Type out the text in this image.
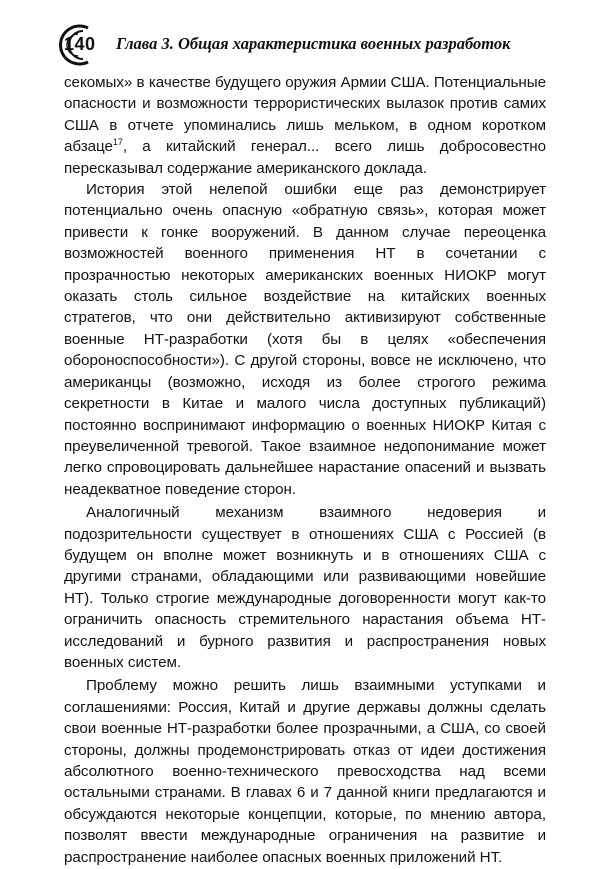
140 Глава 3. Общая характеристика военных разработок

секомых» в качестве будущего оружия Армии США. Потенциальные опасности и возможности террористических вылазок против самих США в отчете упоминались лишь мельком, в одном коротком абзаце$^{17}$, а китайский генерал... всего лишь добросовестно пересказывал содержание американского доклада.

История этой нелепой ошибки еще раз демонстрирует потенциально очень опасную «обратную связь», которая может привести к гонке вооружений. В данном случае переоценка возможностей военного применения НТ в сочетании с прозрачностью некоторых американских военных НИОКР могут оказать столь сильное воздействие на китайских военных стратегов, что они действительно активизируют собственные военные НТ-разработки (хотя бы в целях «обеспечения обороноспособности»). С другой стороны, вовсе не исключено, что американцы (возможно, исходя из более строгого режима секретности в Китае и малого числа доступных публикаций) постоянно воспринимают информацию о военных НИОКР Китая с преувеличенной тревогой. Такое взаимное недопонимание может легко спровоцировать дальнейшее нарастание опасений и вызвать неадекватное поведение сторон.

Аналогичный механизм взаимного недоверия и подозрительности существует в отношениях США с Россией (в будущем он вполне может возникнуть и в отношениях США с другими странами, обладающими или развивающими новейшие НТ). Только строгие международные договоренности могут как-то ограничить опасность стремительного нарастания объема НТ-исследований и бурного развития и распространения новых военных систем.

Проблему можно решить лишь взаимными уступками и соглашениями: Россия, Китай и другие державы должны сделать свои военные НТ-разработки более прозрачными, а США, со своей стороны, должны продемонстрировать отказ от идеи достижения абсолютного военно-технического превосходства над всеми остальными странами. В главах 6 и 7 данной книги предлагаются и обсуждаются некоторые концепции, которые, по мнению автора, позволят ввести международные ограничения на развитие и распространение наиболее опасных военных приложений НТ.
